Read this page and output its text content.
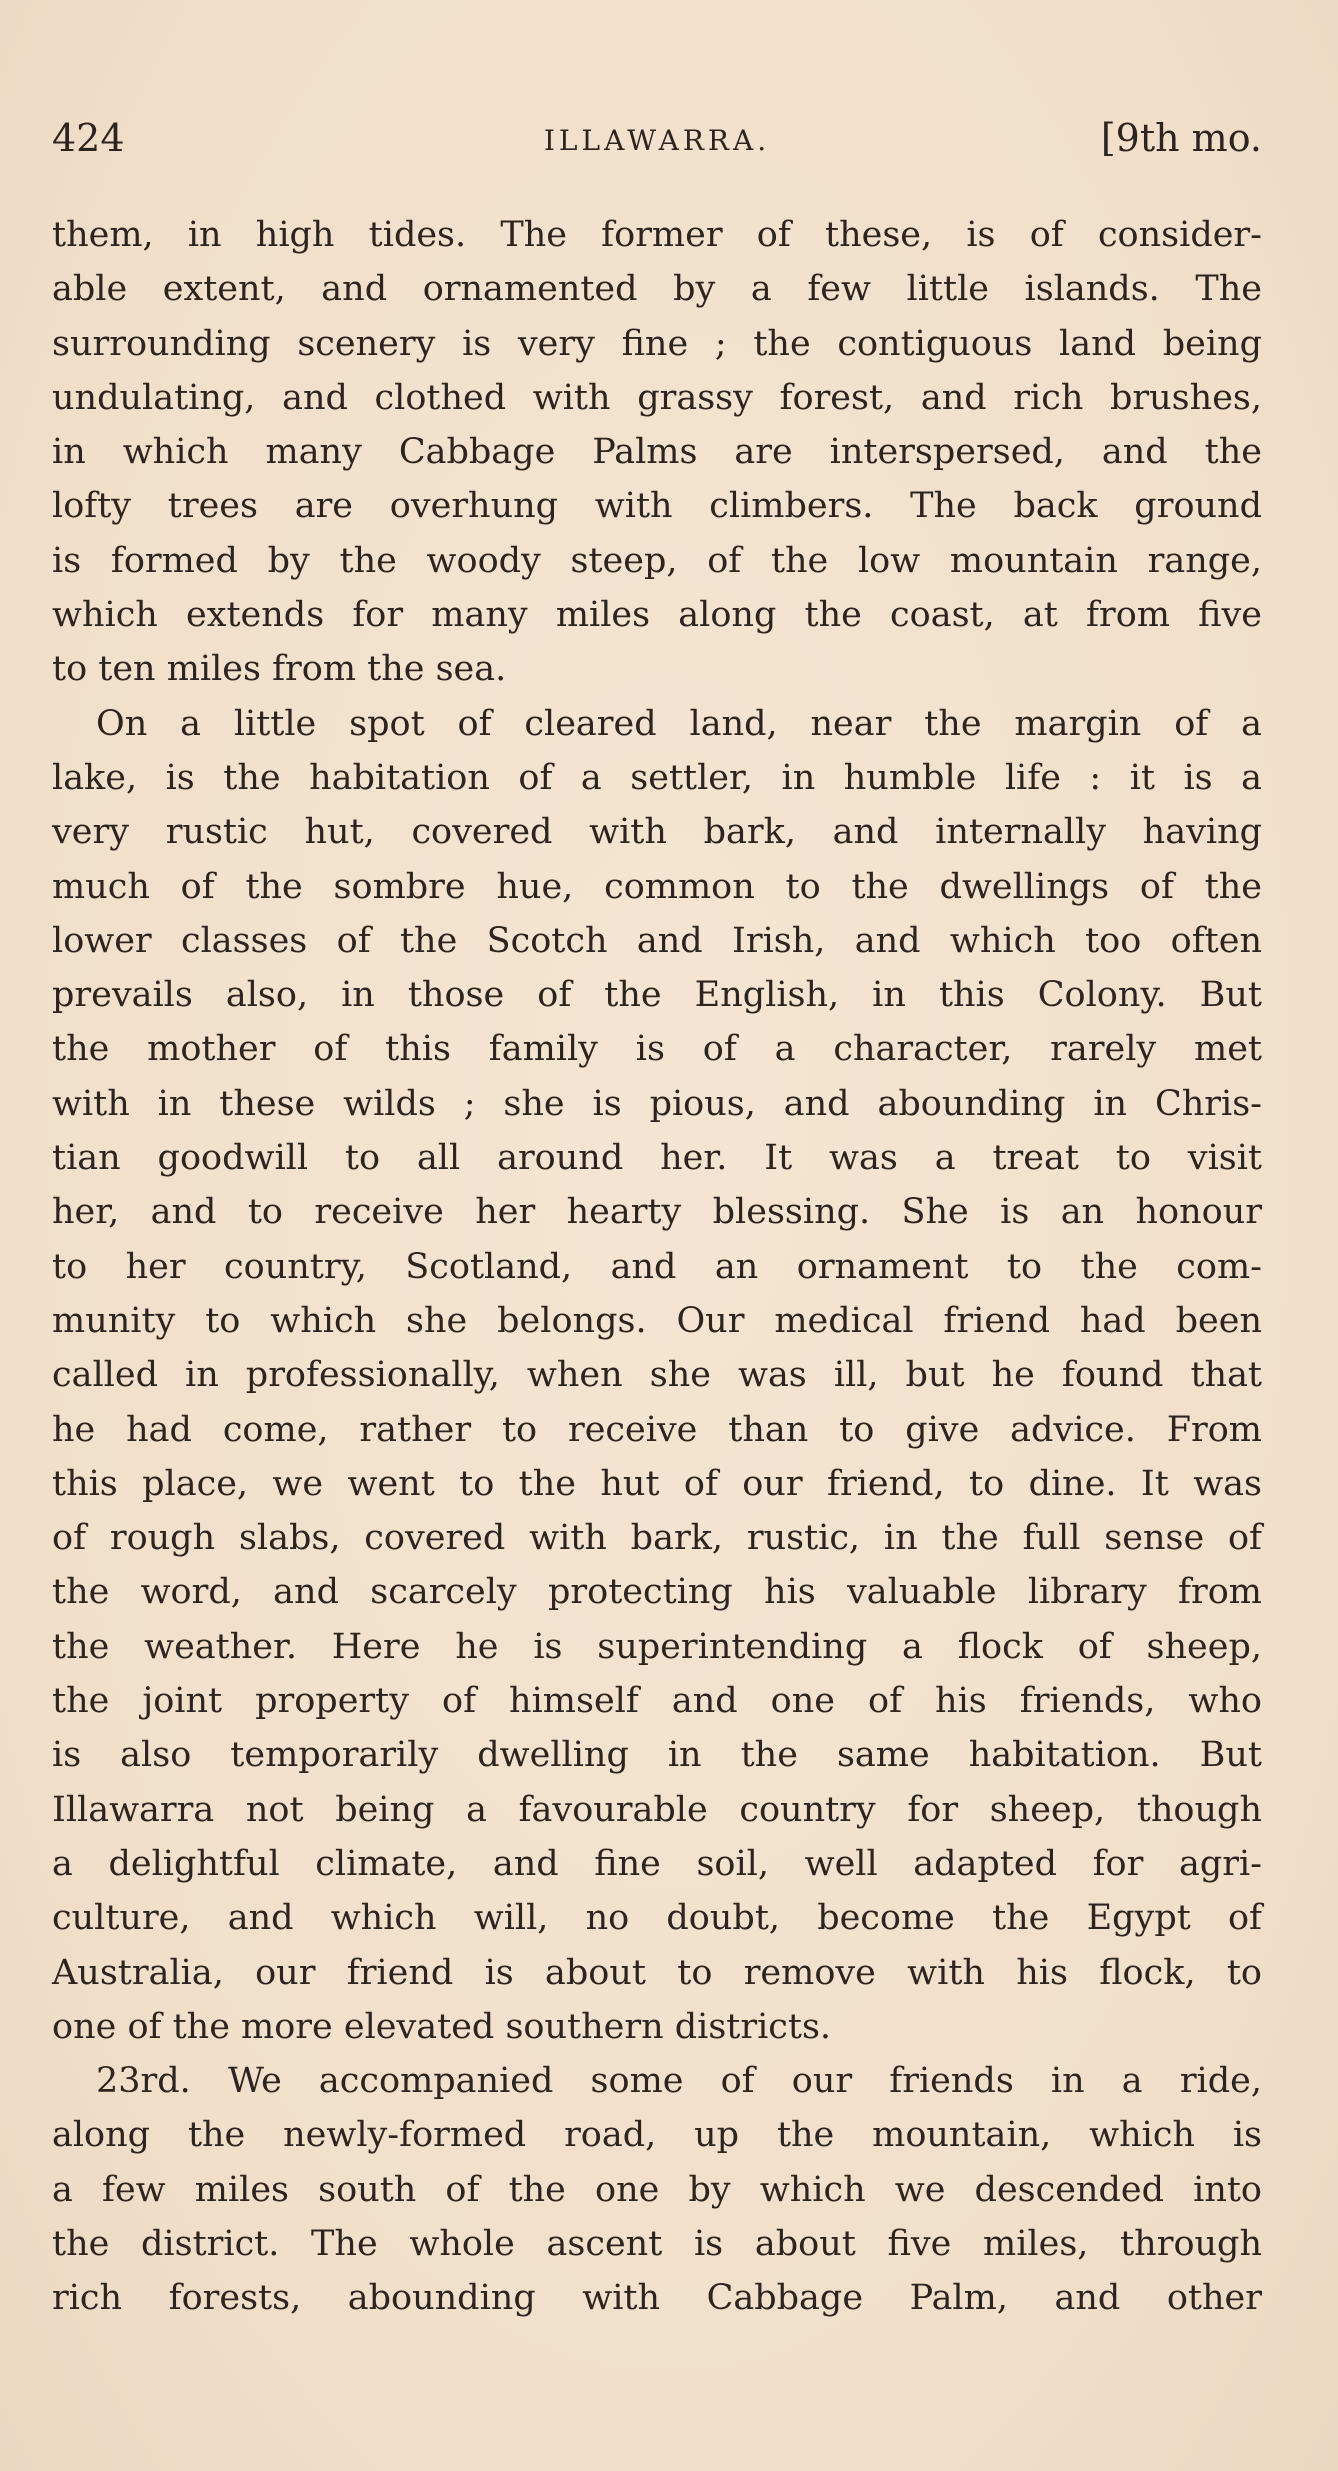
424	ILLAWARRA.	[9th mo.
them, in high tides. The former of these, is of consider-
able extent, and ornamented by a few little islands. The
surrounding scenery is very fine ; the contiguous land being
undulating, and clothed with grassy forest, and rich brushes,
in which many Cabbage Palms are interspersed, and the
lofty trees are overhung with climbers. The back ground
is formed by the woody steep, of the low mountain range,
which extends for many miles along the coast, at from five
to ten miles from the sea.
On a little spot of cleared land, near the margin of a
lake, is the habitation of a settler, in humble life : it is a
very rustic hut, covered with bark, and internally having
much of the sombre hue, common to the dwellings of the
lower classes of the Scotch and Irish, and which too often
prevails also, in those of the English, in this Colony. But
the mother of this family is of a character, rarely met
with in these wilds ; she is pious, and abounding in Chris-
tian goodwill to all around her. It was a treat to visit
her, and to receive her hearty blessing. She is an honour
to her country, Scotland, and an ornament to the com-
munity to which she belongs. Our medical friend had been
called in professionally, when she was ill, but he found that
he had come, rather to receive than to give advice. From
this place, we went to the hut of our friend, to dine. It was
of rough slabs, covered with bark, rustic, in the full sense of
the word, and scarcely protecting his valuable library from
the weather. Here he is superintending a flock of sheep,
the joint property of himself and one of his friends, who
is also temporarily dwelling in the same habitation. But
Illawarra not being a favourable country for sheep, though
a delightful climate, and fine soil, well adapted for agri-
culture, and which will, no doubt, become the Egypt of
Australia, our friend is about to remove with his flock, to
one of the more elevated southern districts.
23rd. We accompanied some of our friends in a ride,
along the newly-formed road, up the mountain, which is
a few miles south of the one by which we descended into
the district. The whole ascent is about five miles, through
rich forests, abounding with Cabbage Palm, and other
